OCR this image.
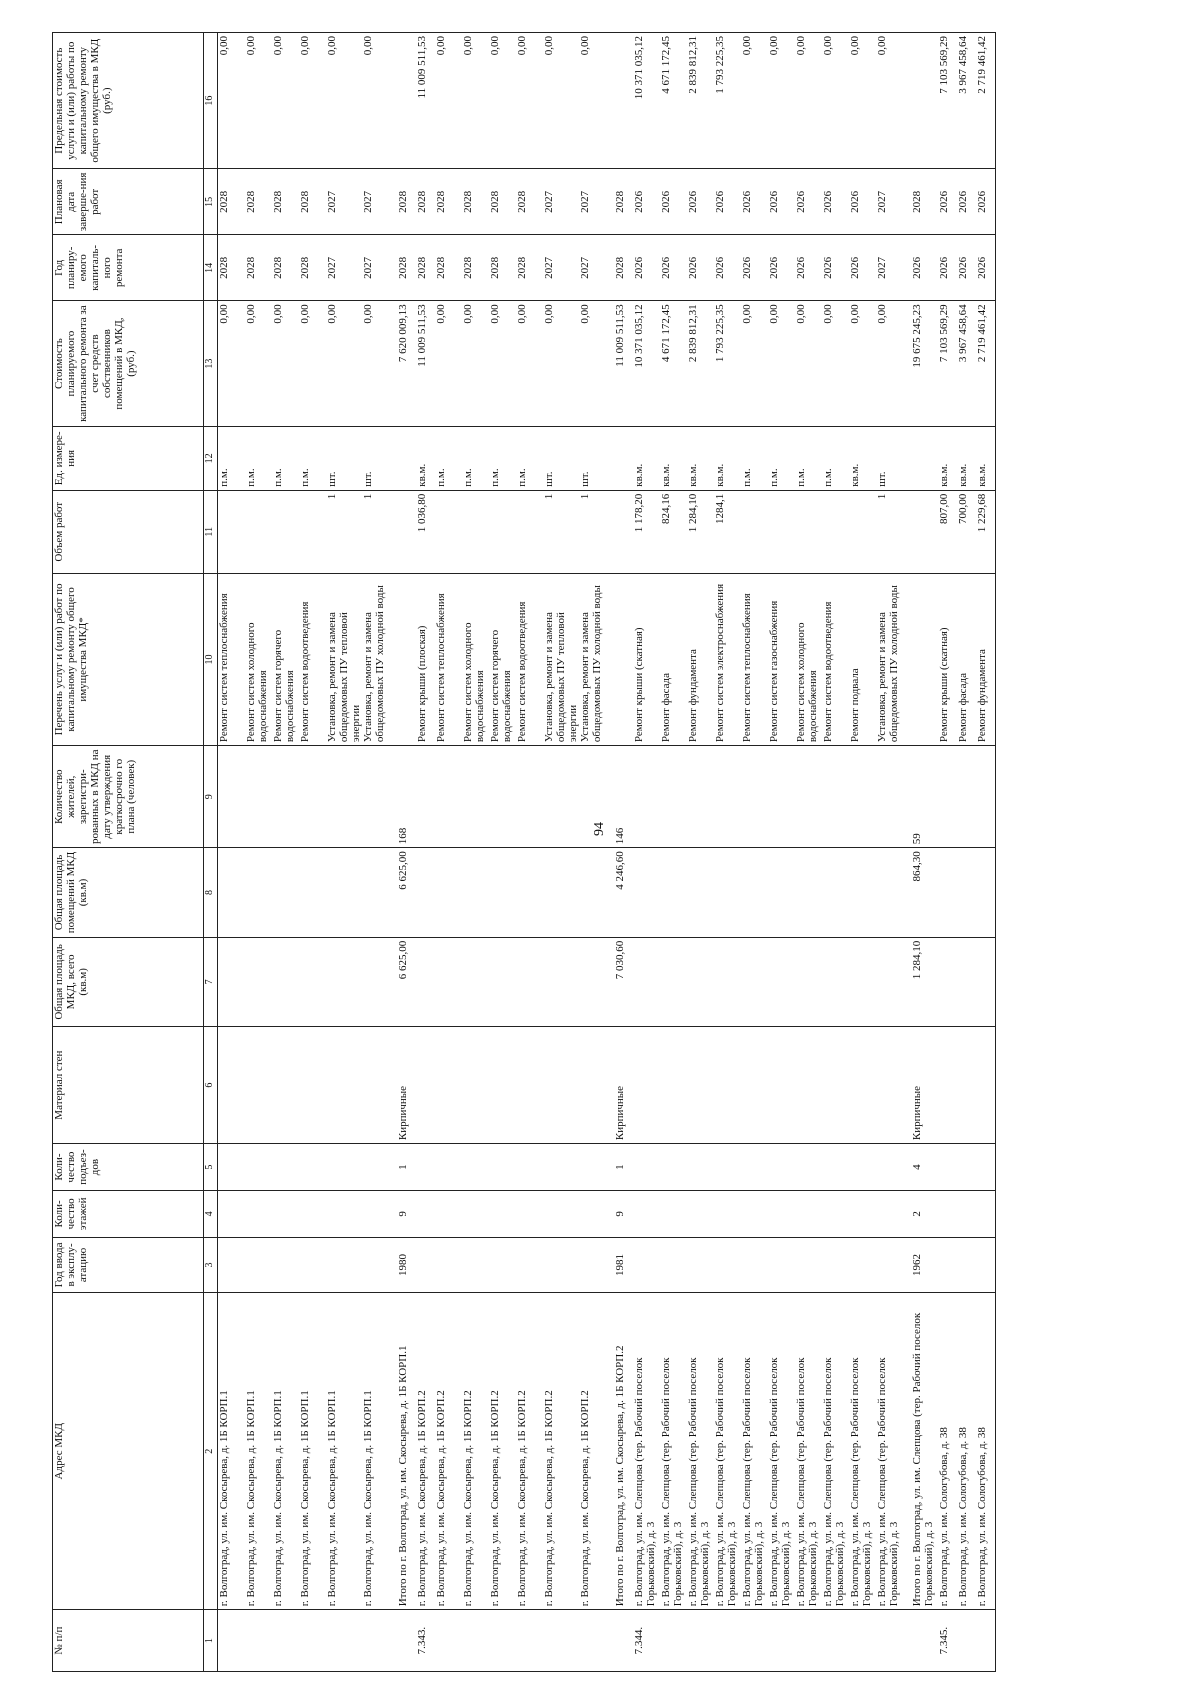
94
№ п/п	Адрес МКД	Год ввода в эксплу-атацию	Коли-чество этажей	Коли-чество подъез-дов	Материал стен	Общая площадь МКД, всего (кв.м)	Общая площадь помещений МКД (кв.м)	Количество жителей, зарегистри-рованных в МКД на дату утверждения краткосрочно го плана (человек)	Перечень услуг и (или) работ по капитальному ремонту общего имущества МКД*	Объем работ	Ед. измере-ния	Стоимость планируемого капитального ремонта за счет средств собственников помещений в МКД, (руб.)	Год планиру-емого капиталь-ного ремонта	Плановая дата заверше-ния работ	Предельная стоимость услуги и (или) работы по капитальному ремонту общего имущества в МКД (руб.)
1	2	3	4	5	6	7	8	9	10	11	12	13	14	15	16
	г. Волгоград, ул. им. Скосырева, д. 1Б КОРП.1								Ремонт систем теплоснабжения		п.м.	0,00	2028	2028	0,00
	г. Волгоград, ул. им. Скосырева, д. 1Б КОРП.1								Ремонт систем холодного водоснабжения		п.м.	0,00	2028	2028	0,00
	г. Волгоград, ул. им. Скосырева, д. 1Б КОРП.1								Ремонт систем горячего водоснабжения		п.м.	0,00	2028	2028	0,00
	г. Волгоград, ул. им. Скосырева, д. 1Б КОРП.1								Ремонт систем водоотведения		п.м.	0,00	2028	2028	0,00
	г. Волгоград, ул. им. Скосырева, д. 1Б КОРП.1								Установка, ремонт и замена общедомовых ПУ тепловой энергии	1	шт.	0,00	2027	2027	0,00
	г. Волгоград, ул. им. Скосырева, д. 1Б КОРП.1								Установка, ремонт и замена общедомовых ПУ холодной воды	1	шт.	0,00	2027	2027	0,00
	Итого по г. Волгоград, ул. им. Скосырева, д. 1Б КОРП.1	1980	9	1	Кирпичные	6 625,00	6 625,00	168				7 620 009,13	2028	2028	
7.343.	г. Волгоград, ул. им. Скосырева, д. 1Б КОРП.2								Ремонт крыши (плоская)	1 036,80	кв.м.	11 009 511,53	2028	2028	11 009 511,53
	г. Волгоград, ул. им. Скосырева, д. 1Б КОРП.2								Ремонт систем теплоснабжения		п.м.	0,00	2028	2028	0,00
	г. Волгоград, ул. им. Скосырева, д. 1Б КОРП.2								Ремонт систем холодного водоснабжения		п.м.	0,00	2028	2028	0,00
	г. Волгоград, ул. им. Скосырева, д. 1Б КОРП.2								Ремонт систем горячего водоснабжения		п.м.	0,00	2028	2028	0,00
	г. Волгоград, ул. им. Скосырева, д. 1Б КОРП.2								Ремонт систем водоотведения		п.м.	0,00	2028	2028	0,00
	г. Волгоград, ул. им. Скосырева, д. 1Б КОРП.2								Установка, ремонт и замена общедомовых ПУ тепловой энергии	1	шт.	0,00	2027	2027	0,00
	г. Волгоград, ул. им. Скосырева, д. 1Б КОРП.2								Установка, ремонт и замена общедомовых ПУ холодной воды	1	шт.	0,00	2027	2027	0,00
	Итого по г. Волгоград, ул. им. Скосырева, д. 1Б КОРП.2	1981	9	1	Кирпичные	7 030,60	4 246,60	146				11 009 511,53	2028	2028	
7.344.	г. Волгоград, ул. им. Слепцова (тер. Рабочий поселок Горьковский), д. 3								Ремонт крыши (скатная)	1 178,20	кв.м.	10 371 035,12	2026	2026	10 371 035,12
	г. Волгоград, ул. им. Слепцова (тер. Рабочий поселок Горьковский), д. 3								Ремонт фасада	824,16	кв.м.	4 671 172,45	2026	2026	4 671 172,45
	г. Волгоград, ул. им. Слепцова (тер. Рабочий поселок Горьковский), д. 3								Ремонт фундамента	1 284,10	кв.м.	2 839 812,31	2026	2026	2 839 812,31
	г. Волгоград, ул. им. Слепцова (тер. Рабочий поселок Горьковский), д. 3								Ремонт систем электроснабжения	1284,1	кв.м.	1 793 225,35	2026	2026	1 793 225,35
	г. Волгоград, ул. им. Слепцова (тер. Рабочий поселок Горьковский), д. 3								Ремонт систем теплоснабжения		п.м.	0,00	2026	2026	0,00
	г. Волгоград, ул. им. Слепцова (тер. Рабочий поселок Горьковский), д. 3								Ремонт систем газоснабжения		п.м.	0,00	2026	2026	0,00
	г. Волгоград, ул. им. Слепцова (тер. Рабочий поселок Горьковский), д. 3								Ремонт систем холодного водоснабжения		п.м.	0,00	2026	2026	0,00
	г. Волгоград, ул. им. Слепцова (тер. Рабочий поселок Горьковский), д. 3								Ремонт систем водоотведения		п.м.	0,00	2026	2026	0,00
	г. Волгоград, ул. им. Слепцова (тер. Рабочий поселок Горьковский), д. 3								Ремонт подвала		кв.м.	0,00	2026	2026	0,00
	г. Волгоград, ул. им. Слепцова (тер. Рабочий поселок Горьковский), д. 3								Установка, ремонт и замена общедомовых ПУ холодной воды	1	шт.	0,00	2027	2027	0,00
	Итого по г. Волгоград, ул. им. Слепцова (тер. Рабочий поселок Горьковский), д. 3	1962	2	4	Кирпичные	1 284,10	864,30	59				19 675 245,23	2026	2028	
7.345.	г. Волгоград, ул. им. Сологубова, д. 38								Ремонт крыши (скатная)	807,00	кв.м.	7 103 569,29	2026	2026	7 103 569,29
	г. Волгоград, ул. им. Сологубова, д. 38								Ремонт фасада	700,00	кв.м.	3 967 458,64	2026	2026	3 967 458,64
	г. Волгоград, ул. им. Сологубова, д. 38								Ремонт фундамента	1 229,68	кв.м.	2 719 461,42	2026	2026	2 719 461,42
